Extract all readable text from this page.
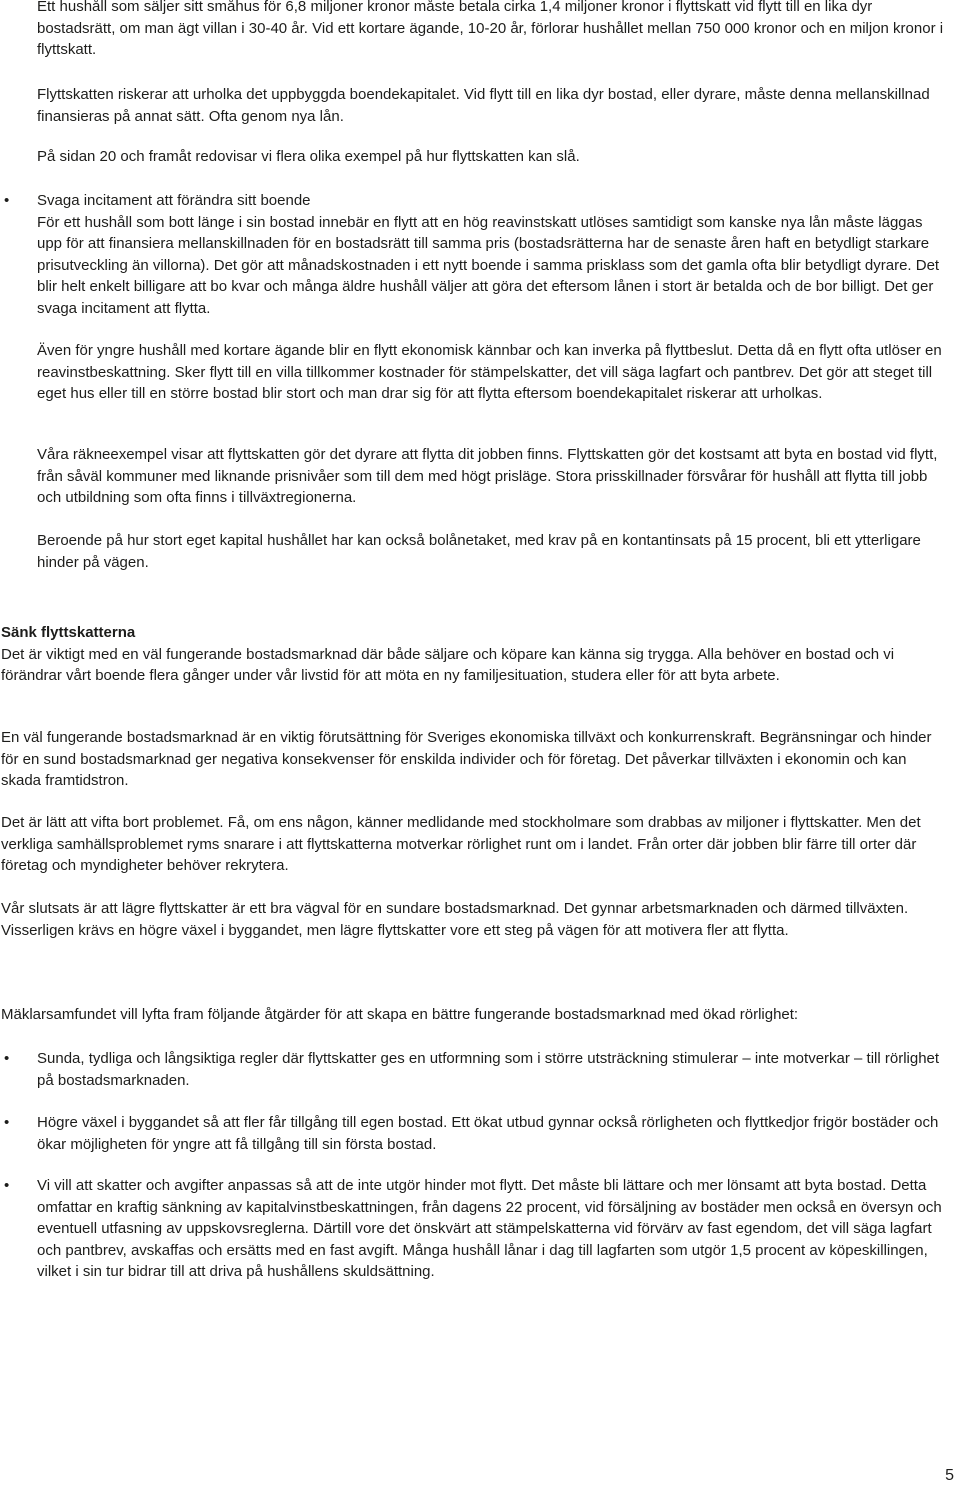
Ett hushåll som säljer sitt småhus för 6,8 miljoner kronor måste betala cirka 1,4 miljoner kronor i flyttskatt vid flytt till en lika dyr bostadsrätt, om man ägt villan i 30-40 år. Vid ett kortare ägande, 10-20 år, förlorar hushållet mellan 750 000 kronor och en miljon kronor i flyttskatt.

Flyttskatten riskerar att urholka det uppbyggda boendekapitalet. Vid flytt till en lika dyr bostad, eller dyrare, måste denna mellanskillnad finansieras på annat sätt. Ofta genom nya lån.

På sidan 20 och framåt redovisar vi flera olika exempel på hur flyttskatten kan slå.

• Svaga incitament att förändra sitt boende

För ett hushåll som bott länge i sin bostad innebär en flytt att en hög reavinstskatt utlöses samtidigt som kanske nya lån måste läggas upp för att finansiera mellanskillnaden för en bostadsrätt till samma pris (bostadsrätterna har de senaste åren haft en betydligt starkare prisutveckling än villorna). Det gör att månadskostnaden i ett nytt boende i samma prisklass som det gamla ofta blir betydligt dyrare. Det blir helt enkelt billigare att bo kvar och många äldre hushåll väljer att göra det eftersom lånen i stort är betalda och de bor billigt. Det ger svaga incitament att flytta.

Även för yngre hushåll med kortare ägande blir en flytt ekonomisk kännbar och kan inverka på flyttbeslut. Detta då en flytt ofta utlöser en reavinstbeskattning. Sker flytt till en villa tillkommer kostnader för stämpelskatter, det vill säga lagfart och pantbrev. Det gör att steget till eget hus eller till en större bostad blir stort och man drar sig för att flytta eftersom boendekapitalet riskerar att urholkas.

Våra räkneexempel visar att flyttskatten gör det dyrare att flytta dit jobben finns. Flyttskatten gör det kostsamt att byta en bostad vid flytt, från såväl kommuner med liknande prisnivåer som till dem med högt prisläge. Stora prisskillnader försvårar för hushåll att flytta till jobb och utbildning som ofta finns i tillväxtregionerna.

Beroende på hur stort eget kapital hushållet har kan också bolånetaket, med krav på en kontantinsats på 15 procent, bli ett ytterligare hinder på vägen.

Sänk flyttskatterna

Det är viktigt med en väl fungerande bostadsmarknad där både säljare och köpare kan känna sig trygga. Alla behöver en bostad och vi förändrar vårt boende flera gånger under vår livstid för att möta en ny familjesituation, studera eller för att byta arbete.

En väl fungerande bostadsmarknad är en viktig förutsättning för Sveriges ekonomiska tillväxt och konkurrenskraft. Begränsningar och hinder för en sund bostadsmarknad ger negativa konsekvenser för enskilda individer och för företag. Det påverkar tillväxten i ekonomin och kan skada framtidstron.

Det är lätt att vifta bort problemet. Få, om ens någon, känner medlidande med stockholmare som drabbas av miljoner i flyttskatter. Men det verkliga samhällsproblemet ryms snarare i att flyttskatterna motverkar rörlighet runt om i landet. Från orter där jobben blir färre till orter där företag och myndigheter behöver rekrytera.

Vår slutsats är att lägre flyttskatter är ett bra vägval för en sundare bostadsmarknad. Det gynnar arbetsmarknaden och därmed tillväxten. Visserligen krävs en högre växel i byggandet, men lägre flyttskatter vore ett steg på vägen för att motivera fler att flytta.

Mäklarsamfundet vill lyfta fram följande åtgärder för att skapa en bättre fungerande bostadsmarknad med ökad rörlighet:

• Sunda, tydliga och långsiktiga regler där flyttskatter ges en utformning som i större utsträckning stimulerar – inte motverkar – till rörlighet på bostadsmarknaden.

• Högre växel i byggandet så att fler får tillgång till egen bostad. Ett ökat utbud gynnar också rörligheten och flyttkedjor frigör bostäder och ökar möjligheten för yngre att få tillgång till sin första bostad.

• Vi vill att skatter och avgifter anpassas så att de inte utgör hinder mot flytt. Det måste bli lättare och mer lönsamt att byta bostad. Detta omfattar en kraftig sänkning av kapitalvinstbeskattningen, från dagens 22 procent, vid försäljning av bostäder men också en översyn och eventuell utfasning av uppskovsreglerna. Därtill vore det önskvärt att stämpelskatterna vid förvärv av fast egendom, det vill säga lagfart och pantbrev, avskaffas och ersätts med en fast avgift. Många hushåll lånar i dag till lagfarten som utgör 1,5 procent av köpeskillingen, vilket i sin tur bidrar till att driva på hushållens skuldsättning.

5
